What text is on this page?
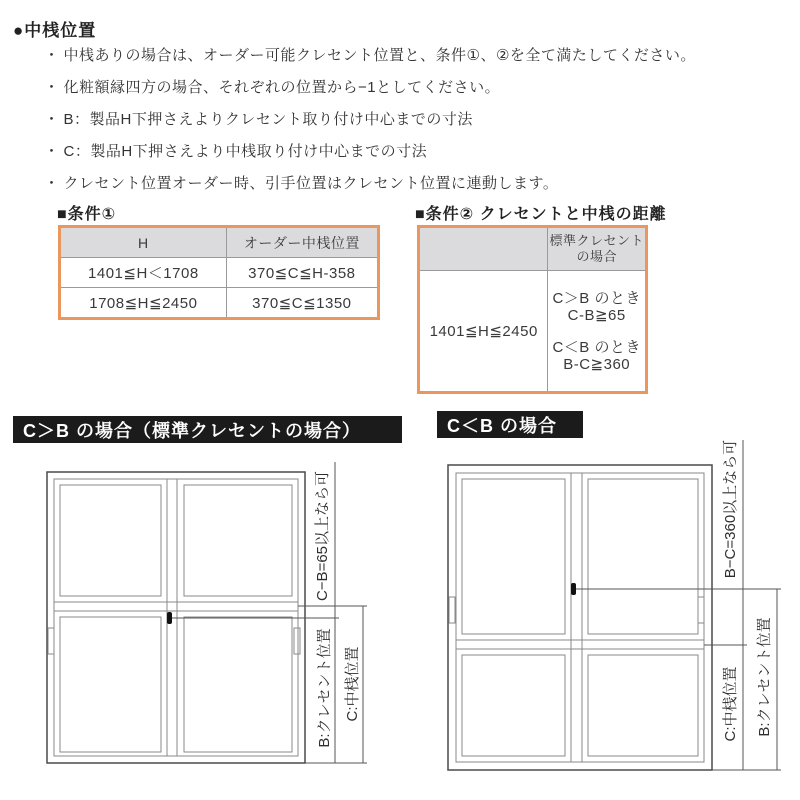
●中桟位置
・ 中桟ありの場合は、オーダー可能クレセント位置と、条件①、②を全て満たしてください。
・ 化粧額縁四方の場合、それぞれの位置から−1としてください。
・ B：製品H下押さえよりクレセント取り付け中心までの寸法
・ C：製品H下押さえより中桟取り付け中心までの寸法
・ クレセント位置オーダー時、引手位置はクレセント位置に連動します。
■条件①
H	オーダー中桟位置
1401≦H＜1708	370≦C≦H-358
1708≦H≦2450	370≦C≦1350
■条件② クレセントと中桟の距離

	標準クレセント
の場合

1401≦H≦2450	C＞B のとき
C-B≧65
C＜B のとき
B-C≧360
C＞B の場合（標準クレセントの場合）	C＜B の場合
C−B=65以上なら可
B:クレセント位置 C:中桟位置
B−C=360以上なら可
C:中桟位置 B:クレセント位置
